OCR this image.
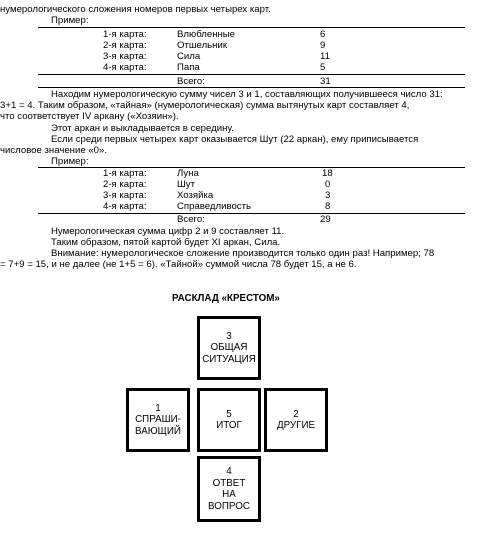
нумерологического сложения номеров первых четырех карт.
Пример:
1-я карта:	Влюбленные	6
2-я карта:	Отшельник	9
3-я карта:	Сила	11
4-я карта:	Папа	5
Всего:	31
Находим нумерологическую сумму чисел 3 и 1, составляющих получившееся число 31:
3+1 = 4. Таким образом, «тайная» (нумерологическая) сумма вытянутых карт составляет 4,
что соответствует IV аркану («Хозяин»).
Этот аркан и выкладывается в середину.
Если среди первых четырех карт оказывается Шут (22 аркан), ему приписывается
числовое значение «0».
Пример:
1-я карта:	Луна	18
2-я карта:	Шут	0
3-я карта:	Хозяйка	3
4-я карта:	Справедливость	8
Всего:	29
Нумерологическая сумма цифр 2 и 9 составляет 11.
Таким образом, пятой картой будет XI аркан, Сила.
Внимание: нумерологическое сложение производится только один раз! Например; 78
= 7+9 = 15, и не далее (не 1+5 = 6). «Тайной» суммой числа 78 будет 15, а не 6.
РАСКЛАД «КРЕСТОМ»
3
ОБЩАЯ
СИТУАЦИЯ
1
СПРАШИ-
ВАЮЩИЙ
5
ИТОГ
2
ДРУГИЕ
4
ОТВЕТ
НА
ВОПРОС
